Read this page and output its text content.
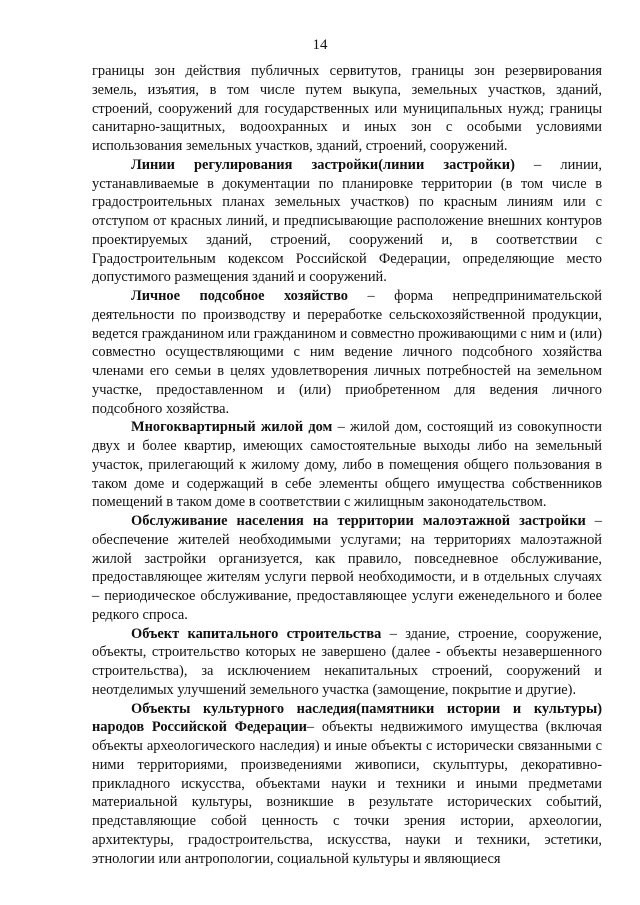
14

границы зон действия публичных сервитутов, границы зон резервирования земель, изъятия, в том числе путем выкупа, земельных участков, зданий, строений, сооружений для государственных или муниципальных нужд; границы санитарно-защитных, водоохранных и иных зон с особыми условиями использования земельных участков, зданий, строений, сооружений.

Линии регулирования застройки(линии застройки) – линии, устанавливаемые в документации по планировке территории (в том числе в градостроительных планах земельных участков) по красным линиям или с отступом от красных линий, и предписывающие расположение внешних контуров проектируемых зданий, строений, сооружений и, в соответствии с Градостроительным кодексом Российской Федерации, определяющие место допустимого размещения зданий и сооружений.

Личное подсобное хозяйство – форма непредпринимательской деятельности по производству и переработке сельскохозяйственной продукции, ведется гражданином или гражданином и совместно проживающими с ним и (или) совместно осуществляющими с ним ведение личного подсобного хозяйства членами его семьи в целях удовлетворения личных потребностей на земельном участке, предоставленном и (или) приобретенном для ведения личного подсобного хозяйства.

Многоквартирный жилой дом – жилой дом, состоящий из совокупности двух и более квартир, имеющих самостоятельные выходы либо на земельный участок, прилегающий к жилому дому, либо в помещения общего пользования в таком доме и содержащий в себе элементы общего имущества собственников помещений в таком доме в соответствии с жилищным законодательством.

Обслуживание населения на территории малоэтажной застройки – обеспечение жителей необходимыми услугами; на территориях малоэтажной жилой застройки организуется, как правило, повседневное обслуживание, предоставляющее жителям услуги первой необходимости, и в отдельных случаях – периодическое обслуживание, предоставляющее услуги еженедельного и более редкого спроса.

Объект капитального строительства – здание, строение, сооружение, объекты, строительство которых не завершено (далее - объекты незавершенного строительства), за исключением некапитальных строений, сооружений и неотделимых улучшений земельного участка (замощение, покрытие и другие).

Объекты культурного наследия(памятники истории и культуры) народов Российской Федерации– объекты недвижимого имущества (включая объекты археологического наследия) и иные объекты с исторически связанными с ними территориями, произведениями живописи, скульптуры, декоративно-прикладного искусства, объектами науки и техники и иными предметами материальной культуры, возникшие в результате исторических событий, представляющие собой ценность с точки зрения истории, археологии, архитектуры, градостроительства, искусства, науки и техники, эстетики, этнологии или антропологии, социальной культуры и являющиеся
